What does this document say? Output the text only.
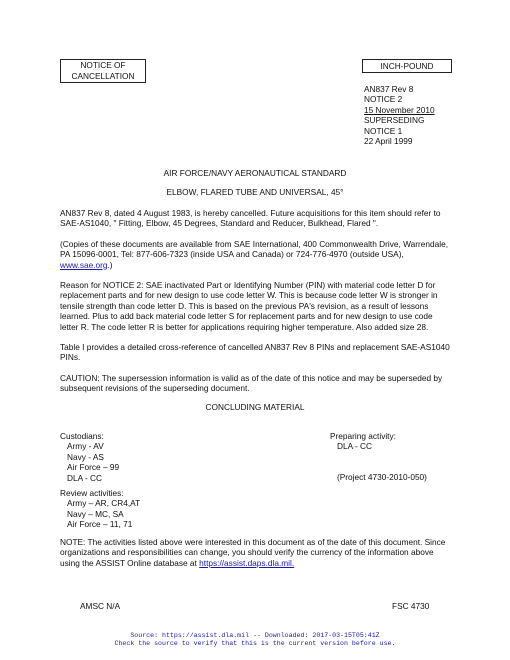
NOTICE OF
CANCELLATION
INCH-POUND
AN837 Rev 8
NOTICE 2
15 November 2010
SUPERSEDING
NOTICE 1
22 April 1999
AIR FORCE/NAVY AERONAUTICAL STANDARD
ELBOW, FLARED TUBE AND UNIVERSAL, 45°

AN837 Rev 8, dated 4 August 1983, is hereby cancelled. Future acquisitions for this item should refer to SAE-AS1040, " Fitting, Elbow, 45 Degrees, Standard and Reducer, Bulkhead, Flared ".

(Copies of these documents are available from SAE International, 400 Commonwealth Drive, Warrendale, PA 15096-0001, Tel: 877-606-7323 (inside USA and Canada) or 724-776-4970 (outside USA), www.sae.org.)

Reason for NOTICE 2: SAE inactivated Part or Identifying Number (PIN) with material code letter D for replacement parts and for new design to use code letter W. This is because code letter W is stronger in tensile strength than code letter D. This is based on the previous PA's revision, as a result of lessons learned. Plus to add back material code letter S for replacement parts and for new design to use code letter R. The code letter R is better for applications requiring higher temperature. Also added size 28.

Table I provides a detailed cross-reference of cancelled AN837 Rev 8 PINs and replacement SAE-AS1040 PINs.

CAUTION: The supersession information is valid as of the date of this notice and may be superseded by subsequent revisions of the superseding document.

CONCLUDING MATERIAL
Custodians:
Army - AV
Navy - AS
Air Force – 99
DLA - CC
Preparing activity:
DLA - CC
(Project 4730-2010-050)
Review activities:
Army – AR, CR4,AT
Navy – MC, SA
Air Force – 11, 71
NOTE: The activities listed above were interested in this document as of the date of this document. Since organizations and responsibilities can change, you should verify the currency of the information above using the ASSIST Online database at https://assist.daps.dla.mil.
AMSC N/A	FSC 4730
Source: https://assist.dla.mil -- Downloaded: 2017-03-15T05:41Z
Check the source to verify that this is the current version before use.
